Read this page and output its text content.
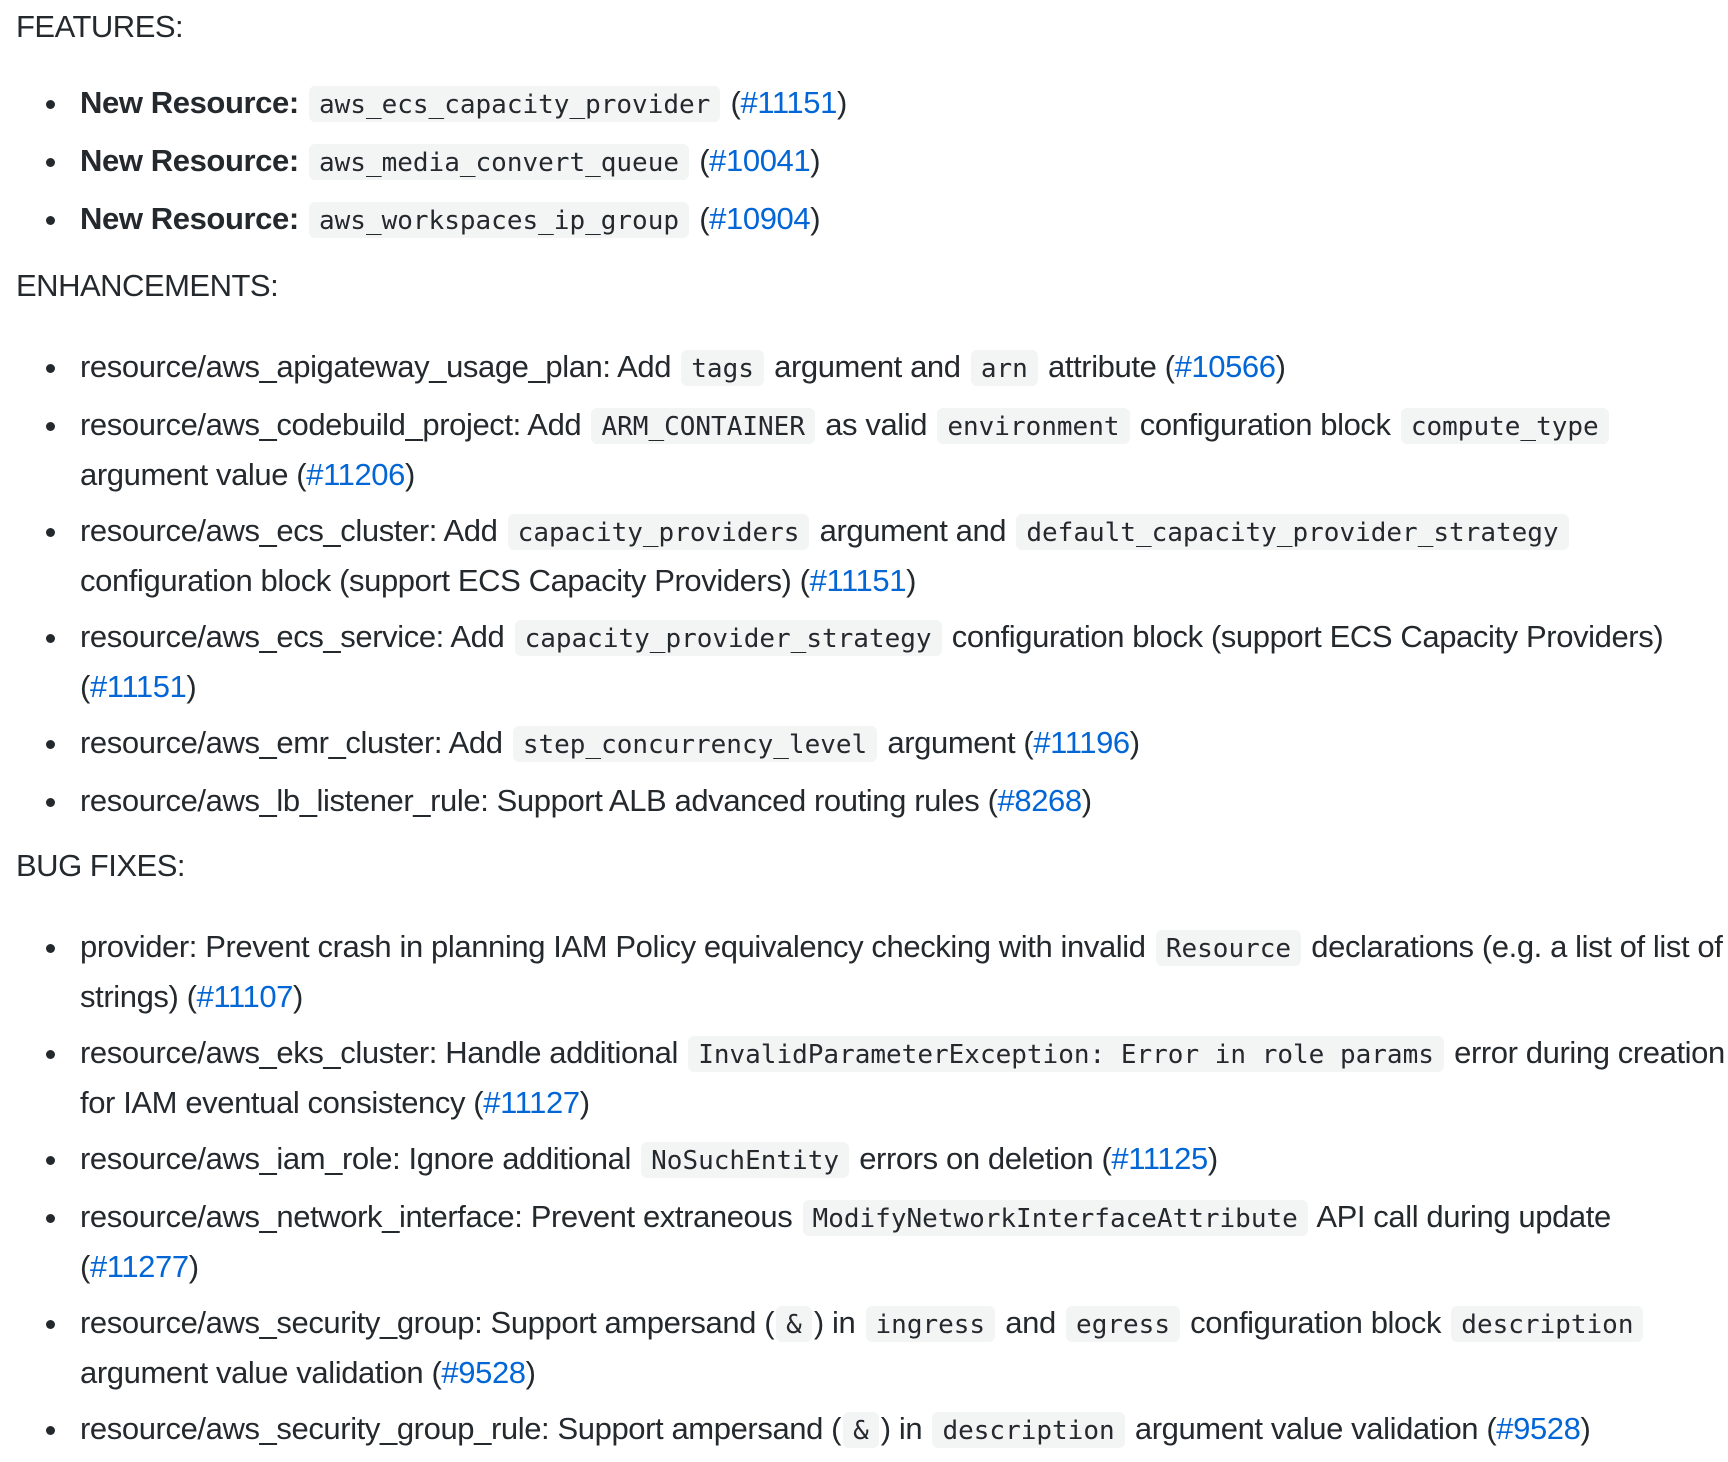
FEATURES:
New Resource: aws_ecs_capacity_provider (#11151)
New Resource: aws_media_convert_queue (#10041)
New Resource: aws_workspaces_ip_group (#10904)
ENHANCEMENTS:
resource/aws_apigateway_usage_plan: Add tags argument and arn attribute (#10566)
resource/aws_codebuild_project: Add ARM_CONTAINER as valid environment configuration block compute_type argument value (#11206)
resource/aws_ecs_cluster: Add capacity_providers argument and default_capacity_provider_strategy configuration block (support ECS Capacity Providers) (#11151)
resource/aws_ecs_service: Add capacity_provider_strategy configuration block (support ECS Capacity Providers) (#11151)
resource/aws_emr_cluster: Add step_concurrency_level argument (#11196)
resource/aws_lb_listener_rule: Support ALB advanced routing rules (#8268)
BUG FIXES:
provider: Prevent crash in planning IAM Policy equivalency checking with invalid Resource declarations (e.g. a list of list of strings) (#11107)
resource/aws_eks_cluster: Handle additional InvalidParameterException: Error in role params error during creation for IAM eventual consistency (#11127)
resource/aws_iam_role: Ignore additional NoSuchEntity errors on deletion (#11125)
resource/aws_network_interface: Prevent extraneous ModifyNetworkInterfaceAttribute API call during update (#11277)
resource/aws_security_group: Support ampersand ( & ) in ingress and egress configuration block description argument value validation (#9528)
resource/aws_security_group_rule: Support ampersand ( & ) in description argument value validation (#9528)
